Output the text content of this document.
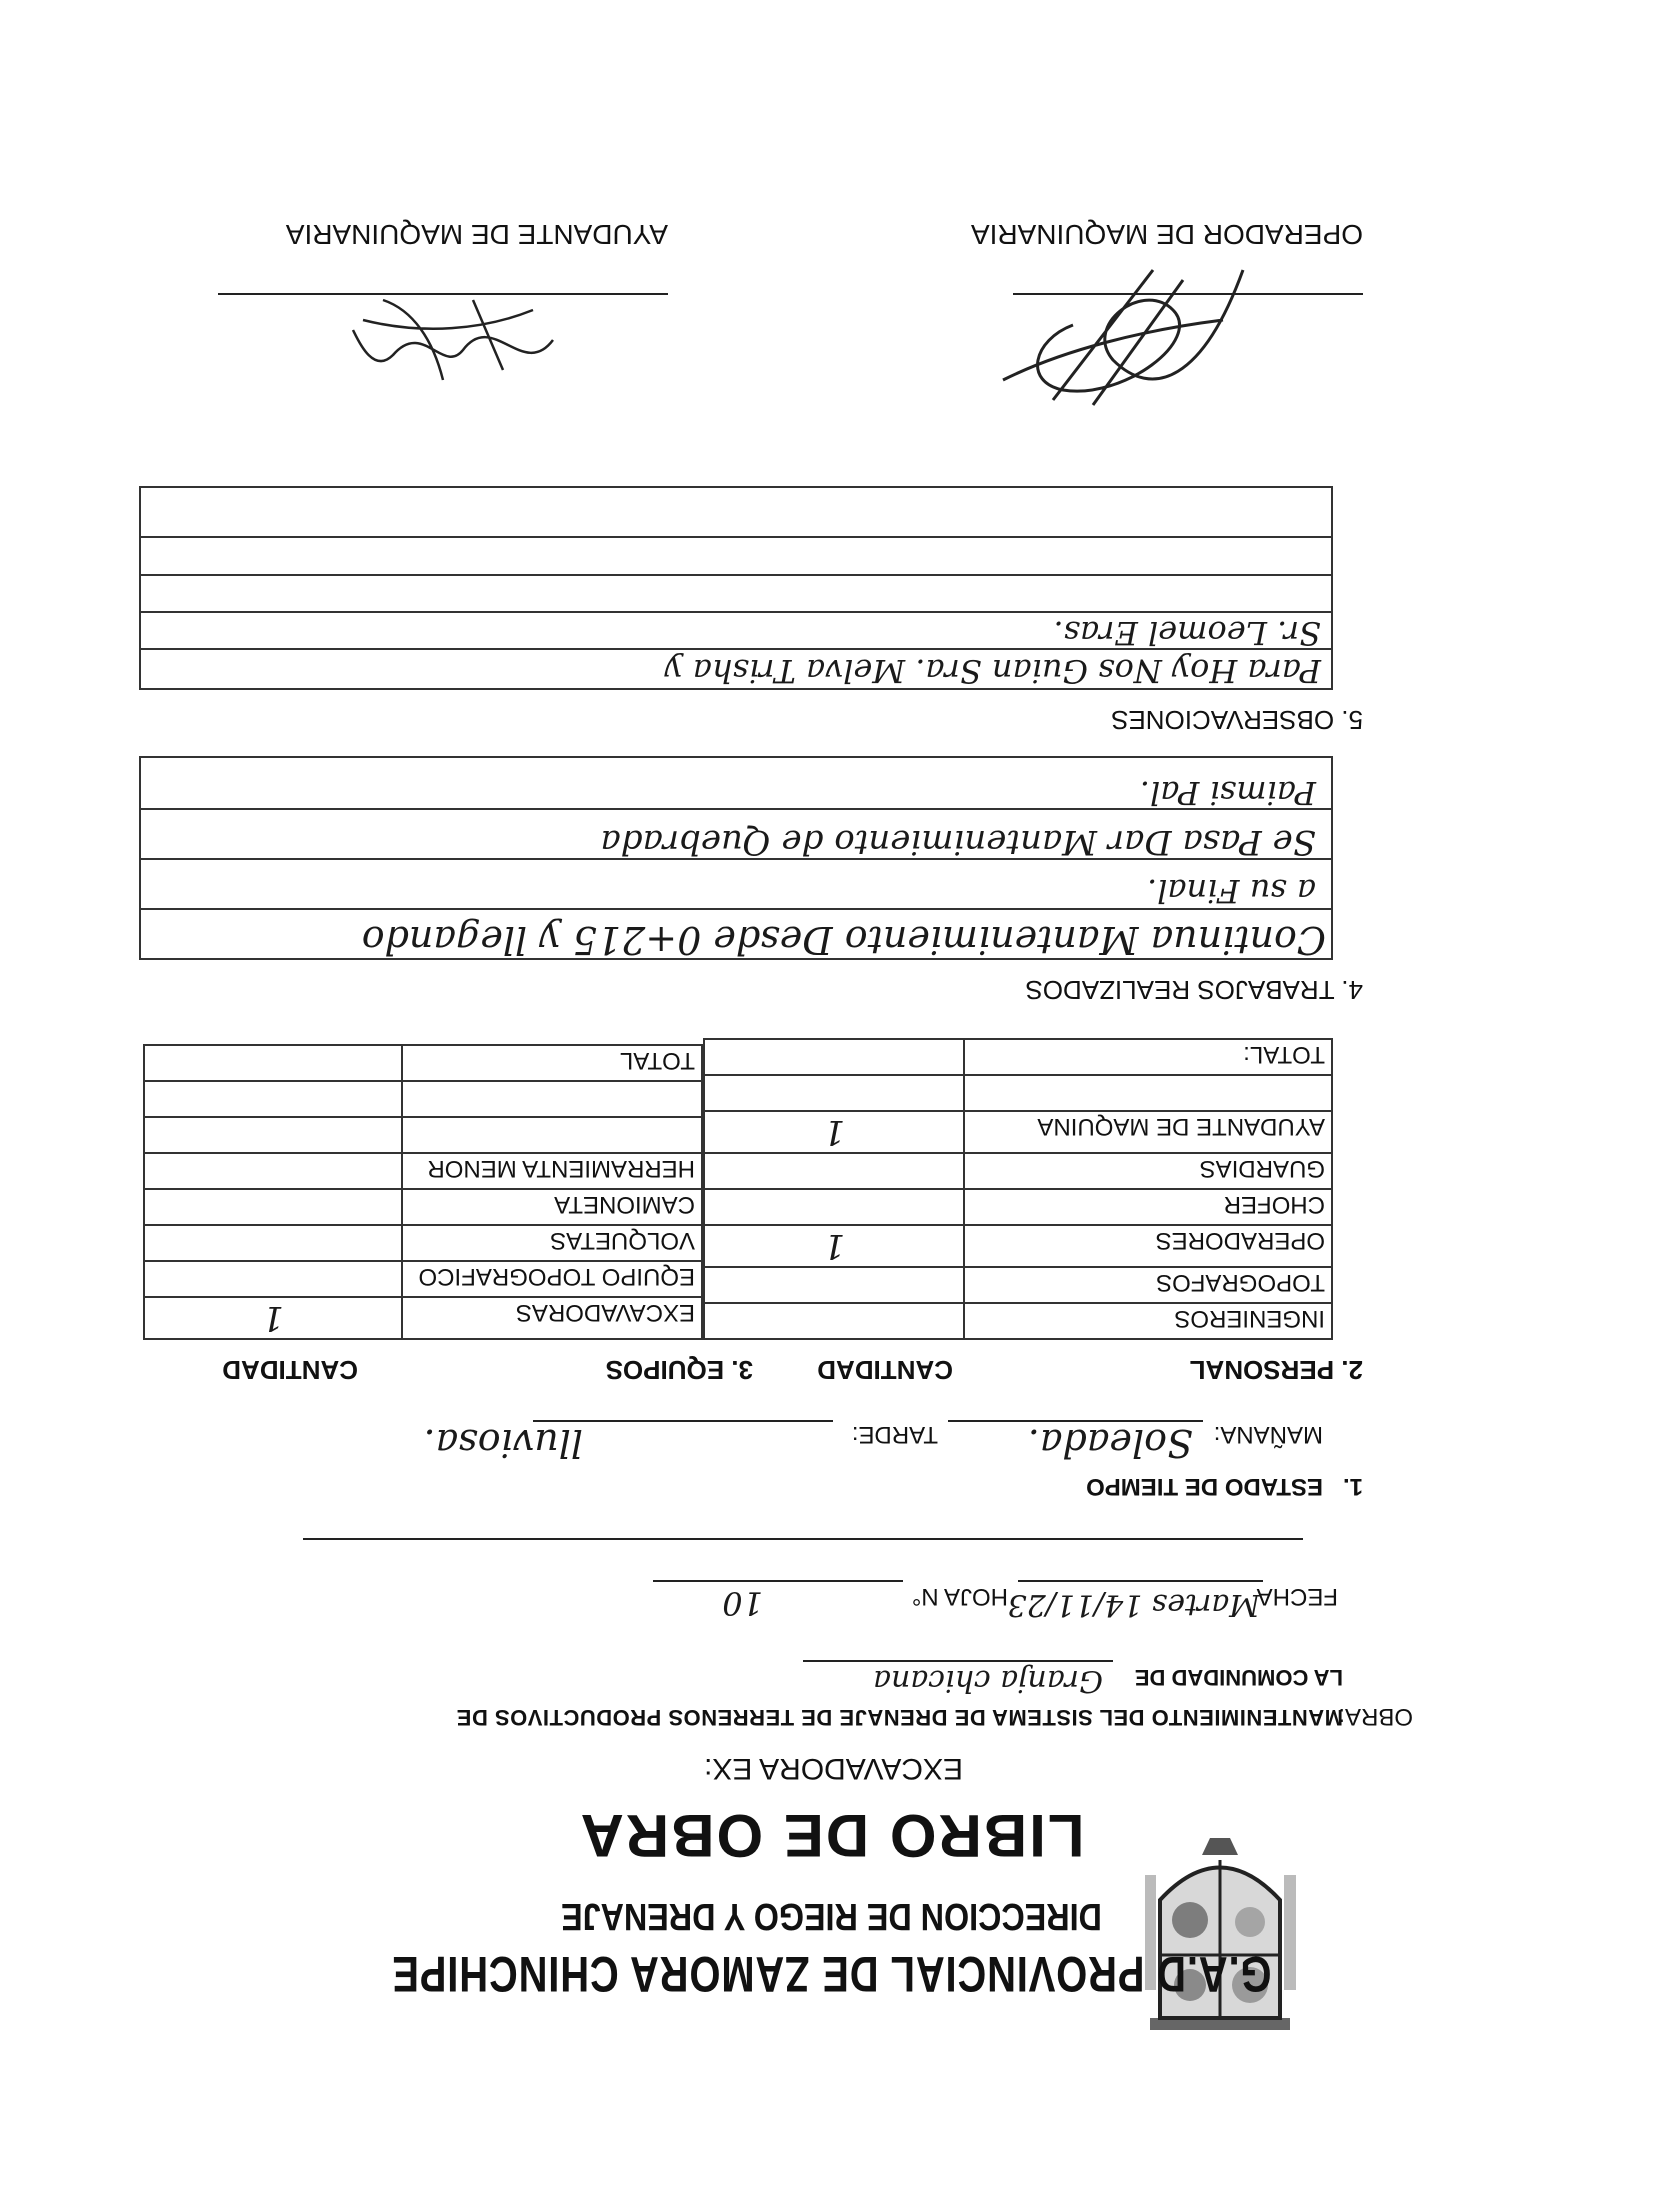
G.A.D PROVINCIAL DE ZAMORA CHINCHIPE
DIRECCION DE RIEGO Y DRENAJE
LIBRO DE OBRA
EXCAVADORA EX:
OBRA:
MANTENIMIENTO DEL SISTEMA DE DRENAJE DE TERRENOS PRODUCTIVOS DE
LA COMUNIDAD DE
Granja chicana
FECHA
Martes 14/11/23
HOJA N°
10
1.
ESTADO DE TIEMPO
MAÑANA:
Soleada.
TARDE:
lluviosa.
2. PERSONAL
CANTIDAD
3. EQUIPOS
CANTIDAD
INGENIEROS	
TOPOGRAFOS	
OPERADORES	1
CHOFER	
GUARDIAS	
AYUDANTE DE MAQUINA	1

TOTAL:	
EXCAVADORAS	1
EQUIPO TOPOGRAFICO	
VOLQUETAS	
CAMIONETA	
HERRAMIENTA MENOR	

TOTAL	
4. TRABAJOS REALIZADOS
Continua Mantenimiento Desde 0+215 y llegando
a su Final.
Se Pasa Dar Mantenimiento de Quebrada
Paimsi Pal.
5. OBSERVACIONES
Para Hoy Nos Guian Sra. Melva Trisha y
Sr. Leomel Eras.
OPERADOR DE MAQUINARIA
AYUDANTE DE MAQUINARIA
